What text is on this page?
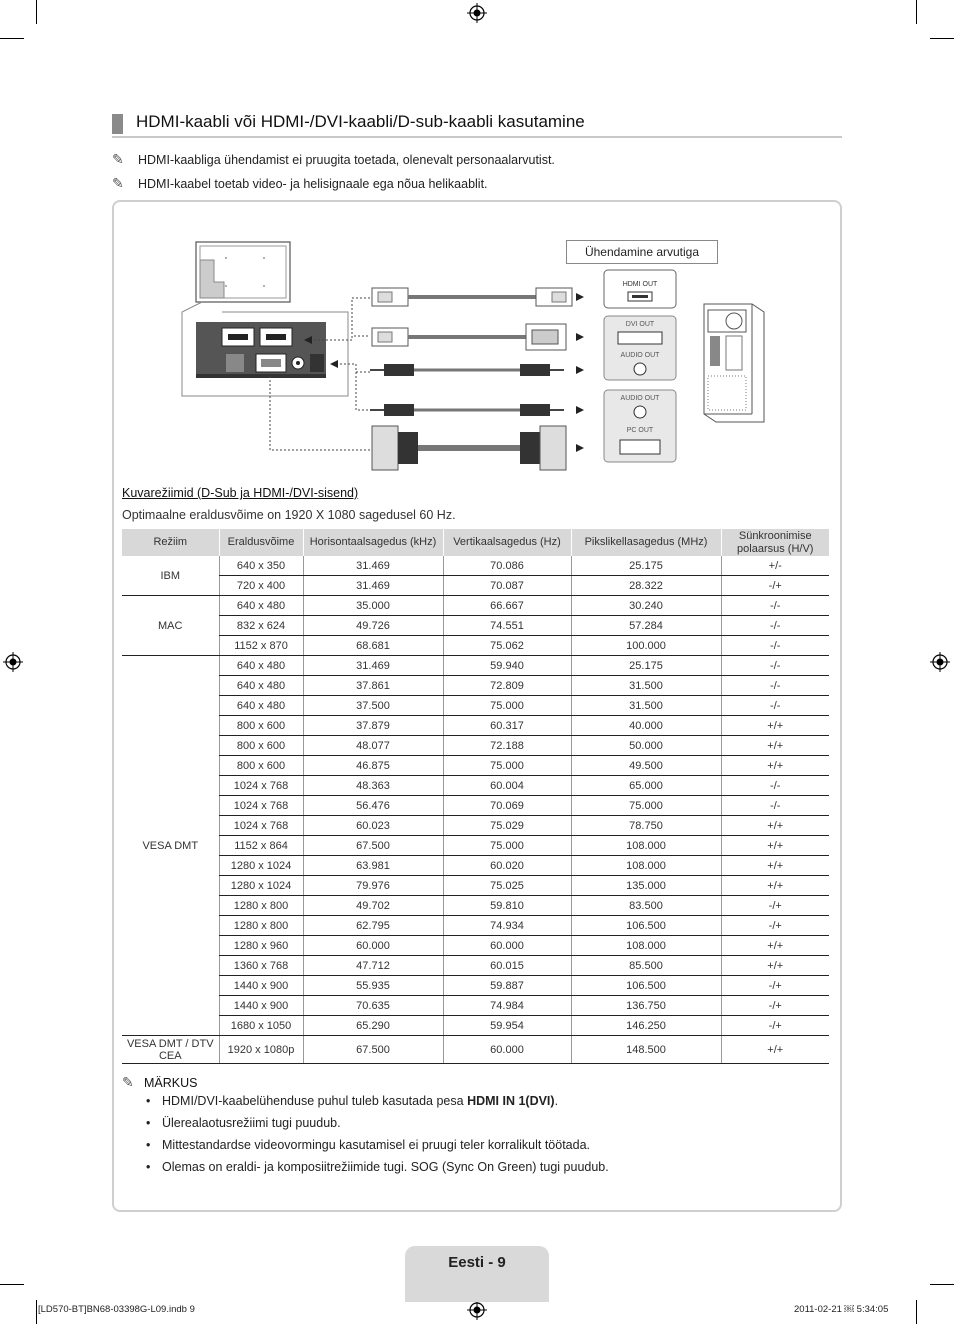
HDMI-kaabli või HDMI-/DVI-kaabli/D-sub-kaabli kasutamine
✎ HDMI-kaabliga ühendamist ei pruugita toetada, olenevalt personaalarvutist.
✎ HDMI-kaabel toetab video- ja helisignaale ega nõua helikaablit.
HDMI OUT
DVI OUT
AUDIO OUT
AUDIO OUT
PC OUT
Ühendamine arvutiga
Kuvarežiimid (D-Sub ja HDMI-/DVI-sisend)
Optimaalne eraldusvõime on 1920 X 1080 sagedusel 60 Hz.
Režiim	Eraldusvõime	Horisontaalsagedus (kHz)	Vertikaalsagedus (Hz)	Pikslikellasagedus (MHz)	Sünkroonimise polaarsus (H/V)
IBM	640 x 350	31.469	70.086	25.175	+/-
	720 x 400	31.469	70.087	28.322	-/+
MAC	640 x 480	35.000	66.667	30.240	-/-
	832 x 624	49.726	74.551	57.284	-/-
	1152 x 870	68.681	75.062	100.000	-/-
VESA DMT	640 x 480	31.469	59.940	25.175	-/-
	640 x 480	37.861	72.809	31.500	-/-
	640 x 480	37.500	75.000	31.500	-/-
	800 x 600	37.879	60.317	40.000	+/+
	800 x 600	48.077	72.188	50.000	+/+
	800 x 600	46.875	75.000	49.500	+/+
	1024 x 768	48.363	60.004	65.000	-/-
	1024 x 768	56.476	70.069	75.000	-/-
	1024 x 768	60.023	75.029	78.750	+/+
	1152 x 864	67.500	75.000	108.000	+/+
	1280 x 1024	63.981	60.020	108.000	+/+
	1280 x 1024	79.976	75.025	135.000	+/+
	1280 x 800	49.702	59.810	83.500	-/+
	1280 x 800	62.795	74.934	106.500	-/+
	1280 x 960	60.000	60.000	108.000	+/+
	1360 x 768	47.712	60.015	85.500	+/+
	1440 x 900	55.935	59.887	106.500	-/+
	1440 x 900	70.635	74.984	136.750	-/+
	1680 x 1050	65.290	59.954	146.250	-/+
VESA DMT / DTV CEA	1920 x 1080p	67.500	60.000	148.500	+/+
✎ MÄRKUS
• HDMI/DVI-kaabelühenduse puhul tuleb kasutada pesa HDMI IN 1(DVI).
• Ülerealaotusrežiimi tugi puudub.
• Mittestandardse videovormingu kasutamisel ei pruugi teler korralikult töötada.
• Olemas on eraldi- ja komposiitrežiimide tugi. SOG (Sync On Green) tugi puudub.
Eesti - 9
[LD570-BT]BN68-03398G-L09.indb 9	2011-02-21 ￼ 5:34:05
